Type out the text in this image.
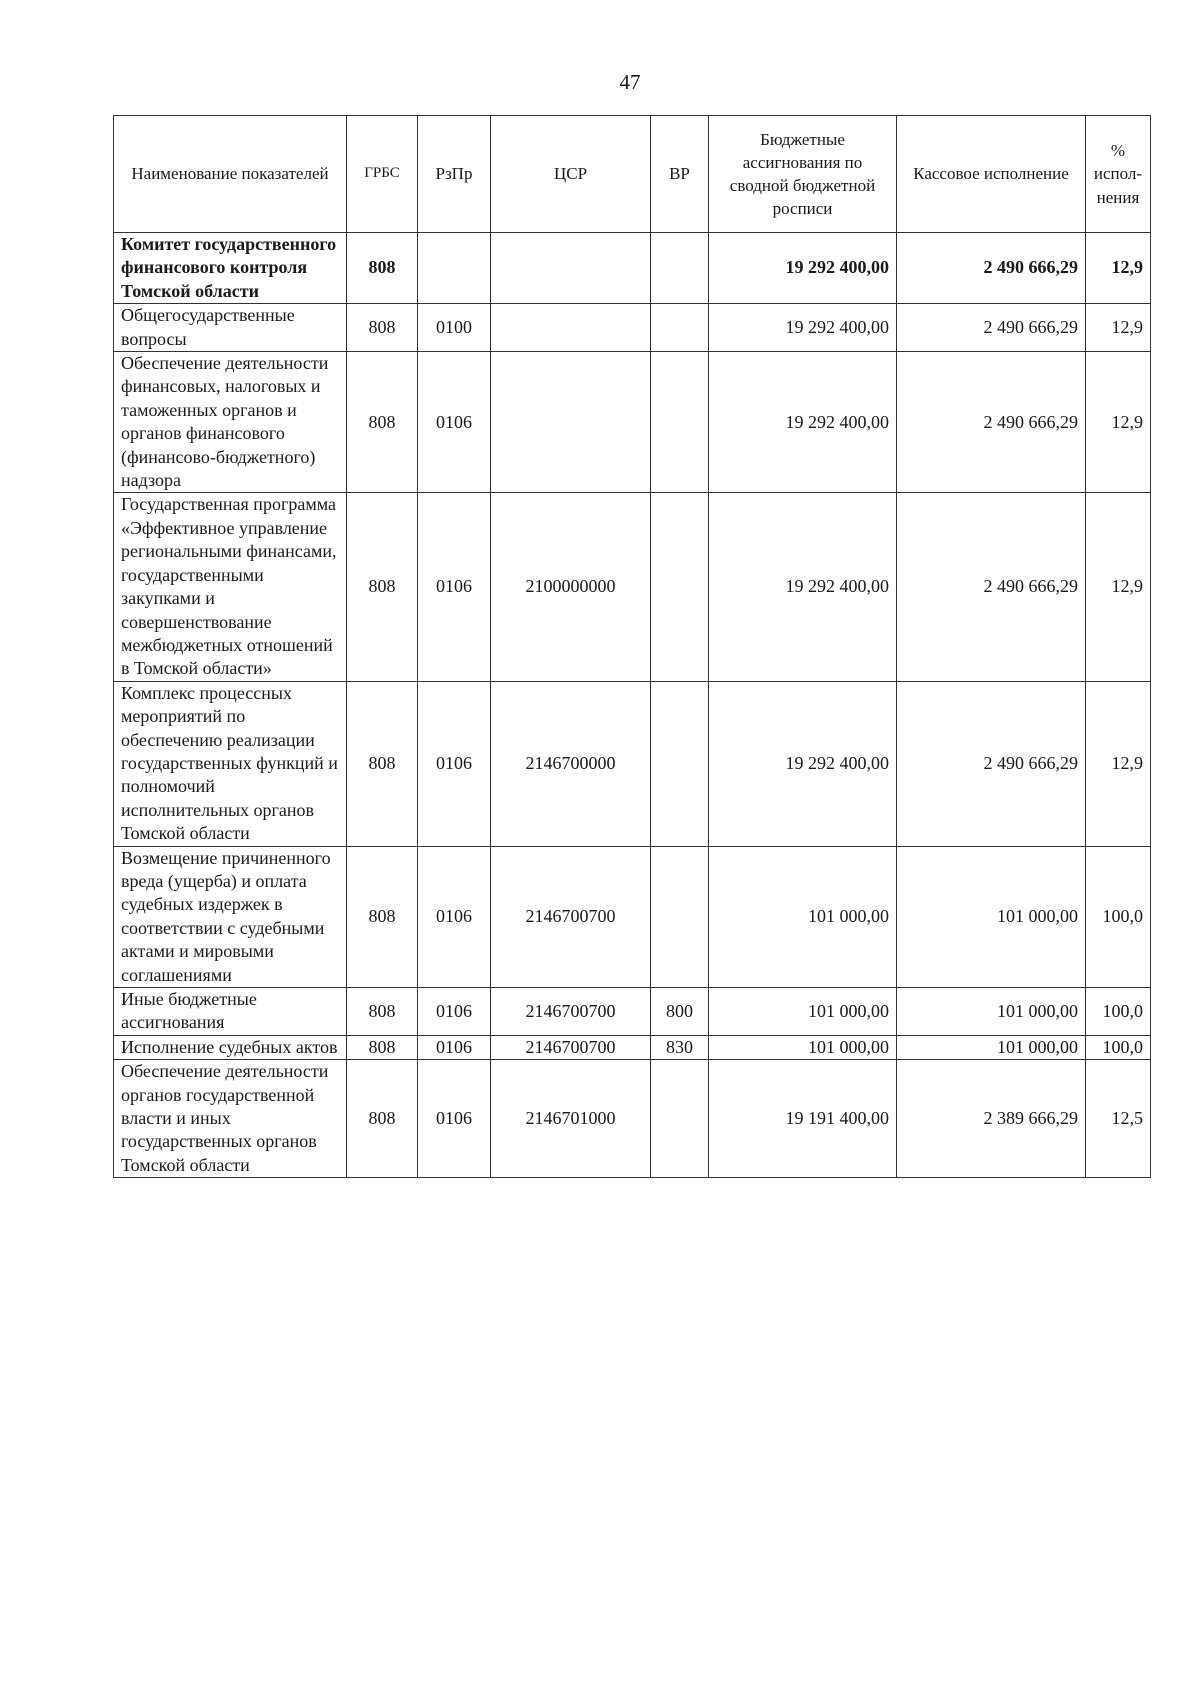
47
Наименование показателей	ГРБС	РзПр	ЦСР	ВР	Бюджетные ассигнования по сводной бюджетной росписи	Кассовое исполнение	% испол-нения
Комитет государственного финансового контроля Томской области	808				19 292 400,00	2 490 666,29	12,9
Общегосударственные вопросы	808	0100			19 292 400,00	2 490 666,29	12,9
Обеспечение деятельности финансовых, налоговых и таможенных органов и органов финансового (финансово-бюджетного) надзора	808	0106			19 292 400,00	2 490 666,29	12,9
Государственная программа «Эффективное управление региональными финансами, государственными закупками и совершенствование межбюджетных отношений в Томской области»	808	0106	2100000000		19 292 400,00	2 490 666,29	12,9
Комплекс процессных мероприятий по обеспечению реализации государственных функций и полномочий исполнительных органов Томской области	808	0106	2146700000		19 292 400,00	2 490 666,29	12,9
Возмещение причиненного вреда (ущерба) и оплата судебных издержек в соответствии с судебными актами и мировыми соглашениями	808	0106	2146700700		101 000,00	101 000,00	100,0
Иные бюджетные ассигнования	808	0106	2146700700	800	101 000,00	101 000,00	100,0
Исполнение судебных актов	808	0106	2146700700	830	101 000,00	101 000,00	100,0
Обеспечение деятельности органов государственной власти и иных государственных органов Томской области	808	0106	2146701000		19 191 400,00	2 389 666,29	12,5
